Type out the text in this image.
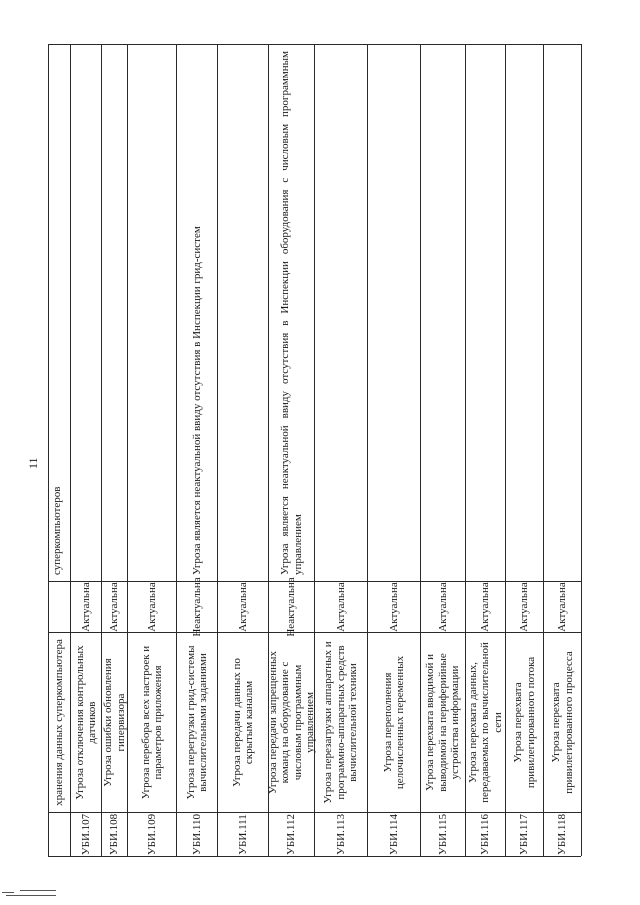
11
хранения данных суперкомпьютера
суперкомпьютеров
УБИ.107
Угроза отключения контрольных датчиков
Актуальна
УБИ.108
Угроза ошибки обновления гипервизора
Актуальна
УБИ.109
Угроза перебора всех настроек и параметров приложения
Актуальна
УБИ.110
Угроза перегрузки грид-системы вычислительными заданиями
Неактуальна
Угроза является неактуальной ввиду отсутствия в Инспекции грид-систем
УБИ.111
Угроза передачи данных по скрытым каналам
Актуальна
УБИ.112
Угроза передачи запрещенных команд на оборудование с числовым программным управлением
Неактуальна
Угроза является неактуальной ввиду отсутствия в Инспекции оборудования с числовым программным управлением
УБИ.113
Угроза перезагрузки аппаратных и программно-аппаратных средств вычислительной техники
Актуальна
УБИ.114
Угроза переполнения целочисленных переменных
Актуальна
УБИ.115
Угроза перехвата вводимой и выводимой на периферийные устройства информации
Актуальна
УБИ.116
Угроза перехвата данных, передаваемых по вычислительной сети
Актуальна
УБИ.117
Угроза перехвата привилегированного потока
Актуальна
УБИ.118
Угроза перехвата привилегированного процесса
Актуальна
